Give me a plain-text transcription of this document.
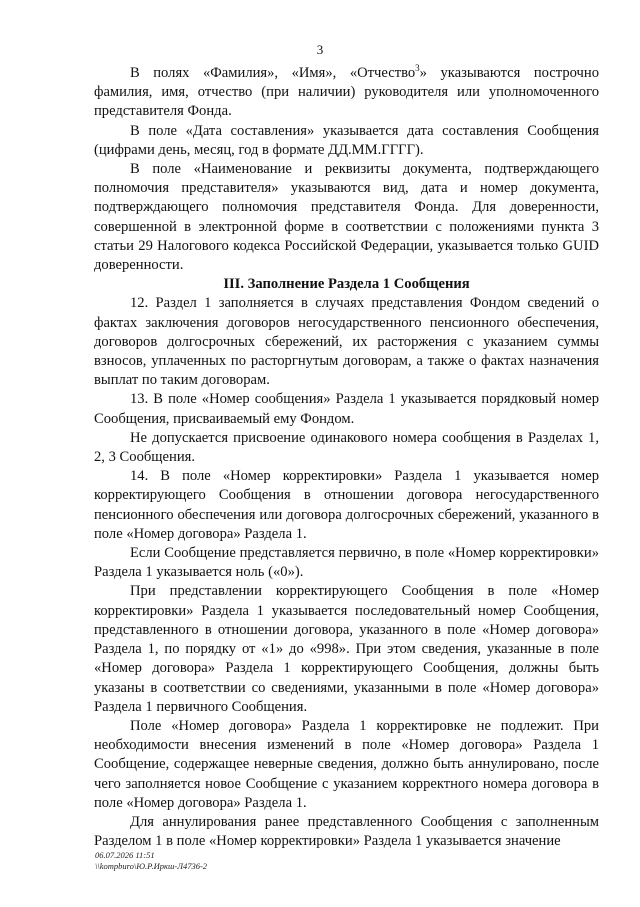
3

В полях «Фамилия», «Имя», «Отчество$^3$» указываются построчно фамилия, имя, отчество (при наличии) руководителя или уполномоченного представителя Фонда.

В поле «Дата составления» указывается дата составления Сообщения (цифрами день, месяц, год в формате ДД.ММ.ГГГГ).

В поле «Наименование и реквизиты документа, подтверждающего полномочия представителя» указываются вид, дата и номер документа, подтверждающего полномочия представителя Фонда. Для доверенности, совершенной в электронной форме в соответствии с положениями пункта 3 статьи 29 Налогового кодекса Российской Федерации, указывается только GUID доверенности.

III. Заполнение Раздела 1 Сообщения

12. Раздел 1 заполняется в случаях представления Фондом сведений о фактах заключения договоров негосударственного пенсионного обеспечения, договоров долгосрочных сбережений, их расторжения с указанием суммы взносов, уплаченных по расторгнутым договорам, а также о фактах назначения выплат по таким договорам.

13. В поле «Номер сообщения» Раздела 1 указывается порядковый номер Сообщения, присваиваемый ему Фондом.

Не допускается присвоение одинакового номера сообщения в Разделах 1, 2, 3 Сообщения.

14. В поле «Номер корректировки» Раздела 1 указывается номер корректирующего Сообщения в отношении договора негосударственного пенсионного обеспечения или договора долгосрочных сбережений, указанного в поле «Номер договора» Раздела 1.

Если Сообщение представляется первично, в поле «Номер корректировки» Раздела 1 указывается ноль («0»).

При представлении корректирующего Сообщения в поле «Номер корректировки» Раздела 1 указывается последовательный номер Сообщения, представленного в отношении договора, указанного в поле «Номер договора» Раздела 1, по порядку от «1» до «998». При этом сведения, указанные в поле «Номер договора» Раздела 1 корректирующего Сообщения, должны быть указаны в соответствии со сведениями, указанными в поле «Номер договора» Раздела 1 первичного Сообщения.

Поле «Номер договора» Раздела 1 корректировке не подлежит. При необходимости внесения изменений в поле «Номер договора» Раздела 1 Сообщение, содержащее неверные сведения, должно быть аннулировано, после чего заполняется новое Сообщение с указанием корректного номера договора в поле «Номер договора» Раздела 1.

Для аннулирования ранее представленного Сообщения с заполненным Разделом 1 в поле «Номер корректировки» Раздела 1 указывается значение

06.07.2026 11:51
\\kompburo\Ю.Р.Иркш-Л4736-2
